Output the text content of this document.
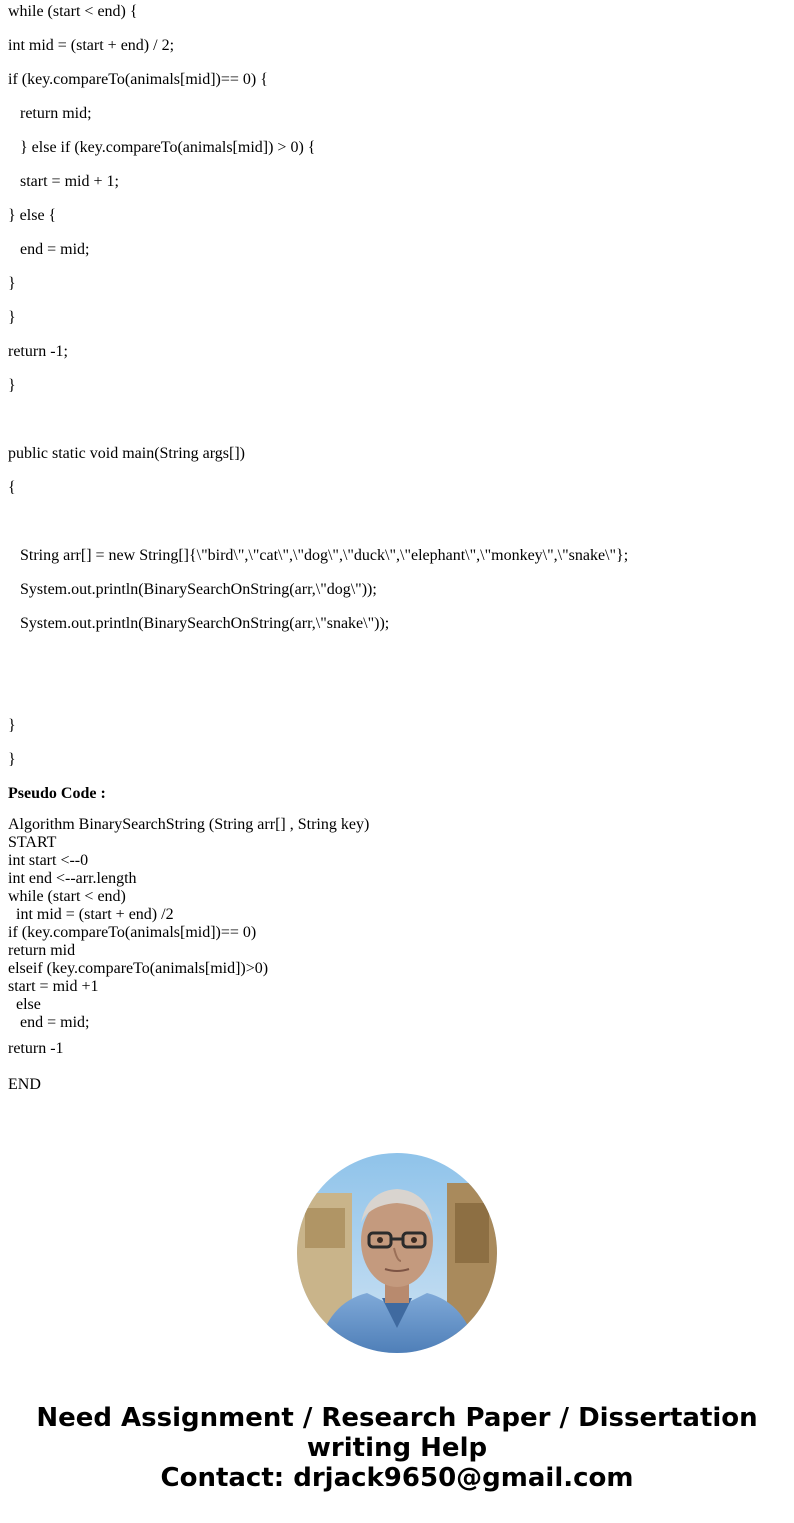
while (start < end) {
int mid = (start + end) / 2;
if (key.compareTo(animals[mid])== 0) {
return mid;
} else if (key.compareTo(animals[mid]) > 0) {
start = mid + 1;
} else {
end = mid;
}
}
return -1;
}
public static void main(String args[])
{
String arr[] = new String[]{\"bird\",\"cat\",\"dog\",\"duck\",\"elephant\",\"monkey\",\"snake\"};
System.out.println(BinarySearchOnString(arr,\"dog\"));
System.out.println(BinarySearchOnString(arr,\"snake\"));
}
}
Pseudo Code :
Algorithm BinarySearchString (String arr[] , String key)
START
int start <--0
int end <--arr.length
while (start < end)
int mid = (start + end) /2
if (key.compareTo(animals[mid])== 0)
return mid
elseif (key.compareTo(animals[mid])>0)
start = mid +1
else
end = mid;
return -1
END
Need Assignment / Research Paper / Dissertation
writing Help
Contact: drjack9650@gmail.com
